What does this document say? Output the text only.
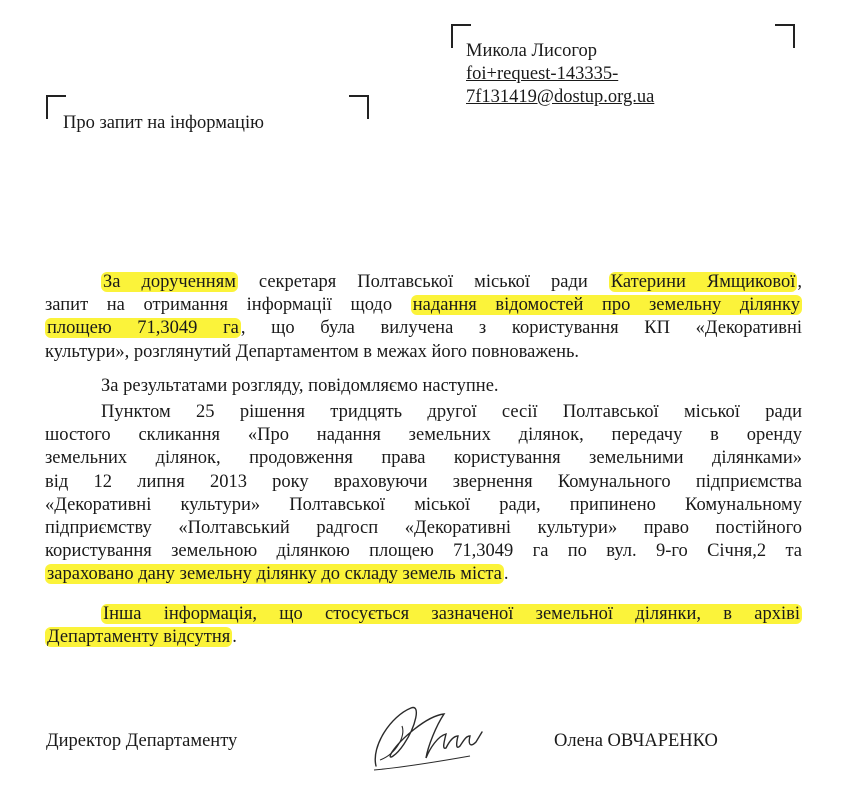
Микола Лисогор
foi+request-143335-
7f131419@dostup.org.ua
Про запит на інформацію
За дорученням секретаря Полтавської міської ради Катерини Ямщикової ,
запит на отримання інформації щодо надання відомостей про земельну ділянку
площею 71,3049 га , що була вилучена з користування КП «Декоративні
культури», розглянутий Департаментом в межах його повноважень.
За результатами розгляду, повідомляємо наступне.
Пунктом 25 рішення тридцять другої сесії Полтавської міської ради
шостого скликання «Про надання земельних ділянок, передачу в оренду
земельних ділянок, продовження права користування земельними ділянками»
від 12 липня 2013 року враховуючи звернення Комунального підприємства
«Декоративні культури» Полтавської міської ради, припинено Комунальному
підприємству «Полтавський радгосп «Декоративні культури» право постійного
користування земельною ділянкою площею 71,3049 га по вул. 9-го Січня,2 та
зараховано дану земельну ділянку до складу земель міста .
Інша інформація, що стосується зазначеної земельної ділянки, в архіві
Департаменту відсутня .
Директор Департаменту	Олена ОВЧАРЕНКО
